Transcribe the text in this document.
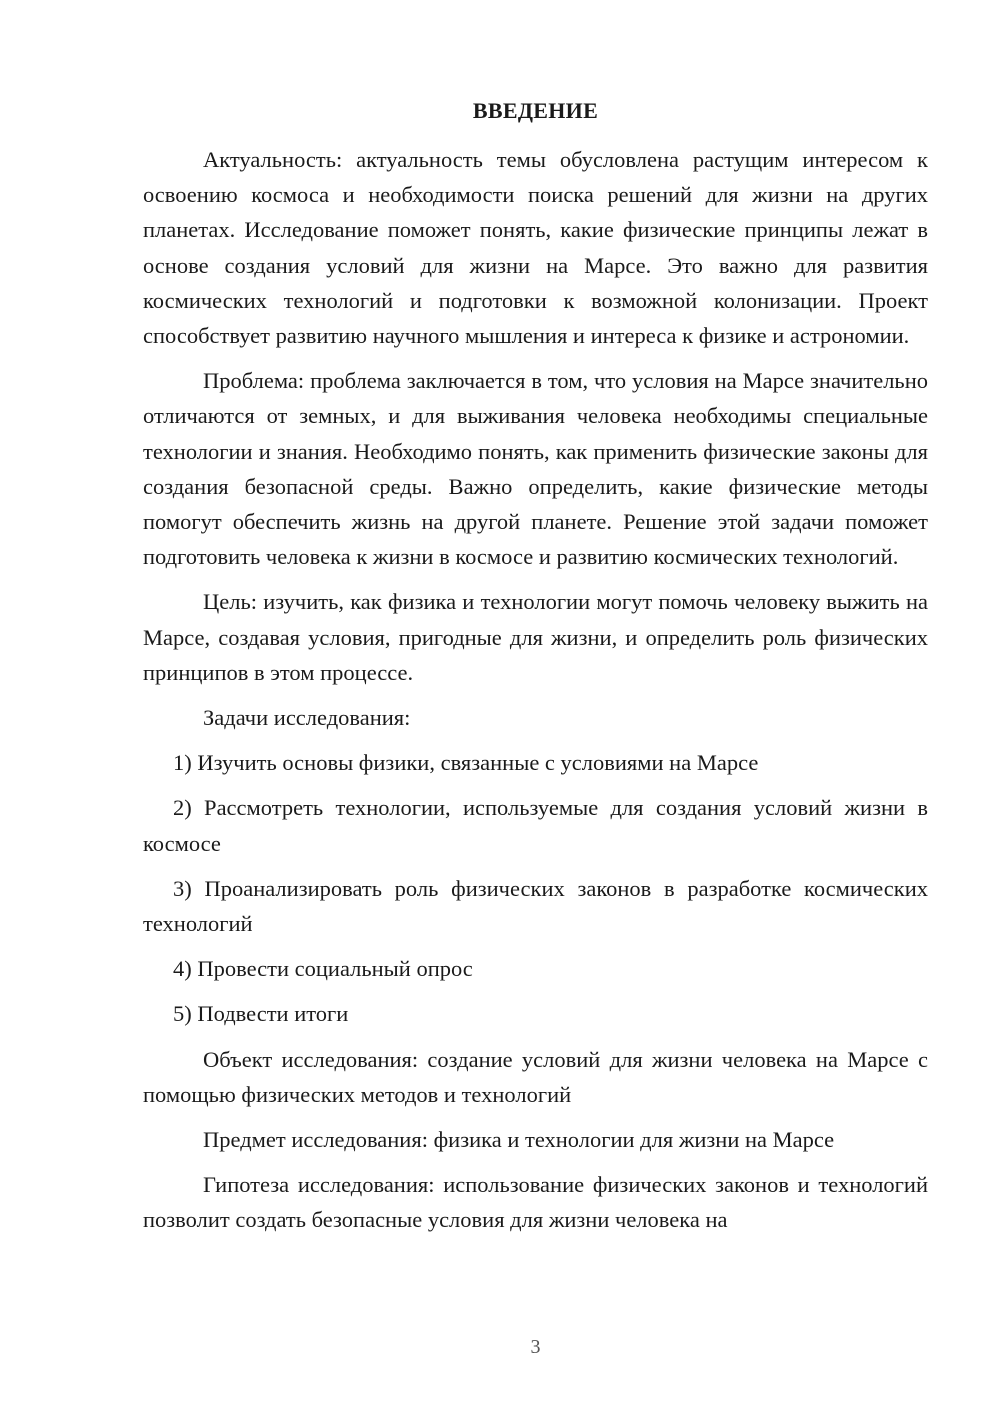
ВВЕДЕНИЕ

Актуальность: актуальность темы обусловлена растущим интересом к освоению космоса и необходимости поиска решений для жизни на других планетах. Исследование поможет понять, какие физические принципы лежат в основе создания условий для жизни на Марсе. Это важно для развития космических технологий и подготовки к возможной колонизации. Проект способствует развитию научного мышления и интереса к физике и астрономии.

Проблема: проблема заключается в том, что условия на Марсе значительно отличаются от земных, и для выживания человека необходимы специальные технологии и знания. Необходимо понять, как применить физические законы для создания безопасной среды. Важно определить, какие физические методы помогут обеспечить жизнь на другой планете. Решение этой задачи поможет подготовить человека к жизни в космосе и развитию космических технологий.

Цель: изучить, как физика и технологии могут помочь человеку выжить на Марсе, создавая условия, пригодные для жизни, и определить роль физических принципов в этом процессе.

Задачи исследования:

1) Изучить основы физики, связанные с условиями на Марсе

2) Рассмотреть технологии, используемые для создания условий жизни в космосе

3) Проанализировать роль физических законов в разработке космических технологий

4) Провести социальный опрос

5) Подвести итоги

Объект исследования: создание условий для жизни человека на Марсе с помощью физических методов и технологий

Предмет исследования: физика и технологии для жизни на Марсе

Гипотеза исследования: использование физических законов и технологий позволит создать безопасные условия для жизни человека на

3
